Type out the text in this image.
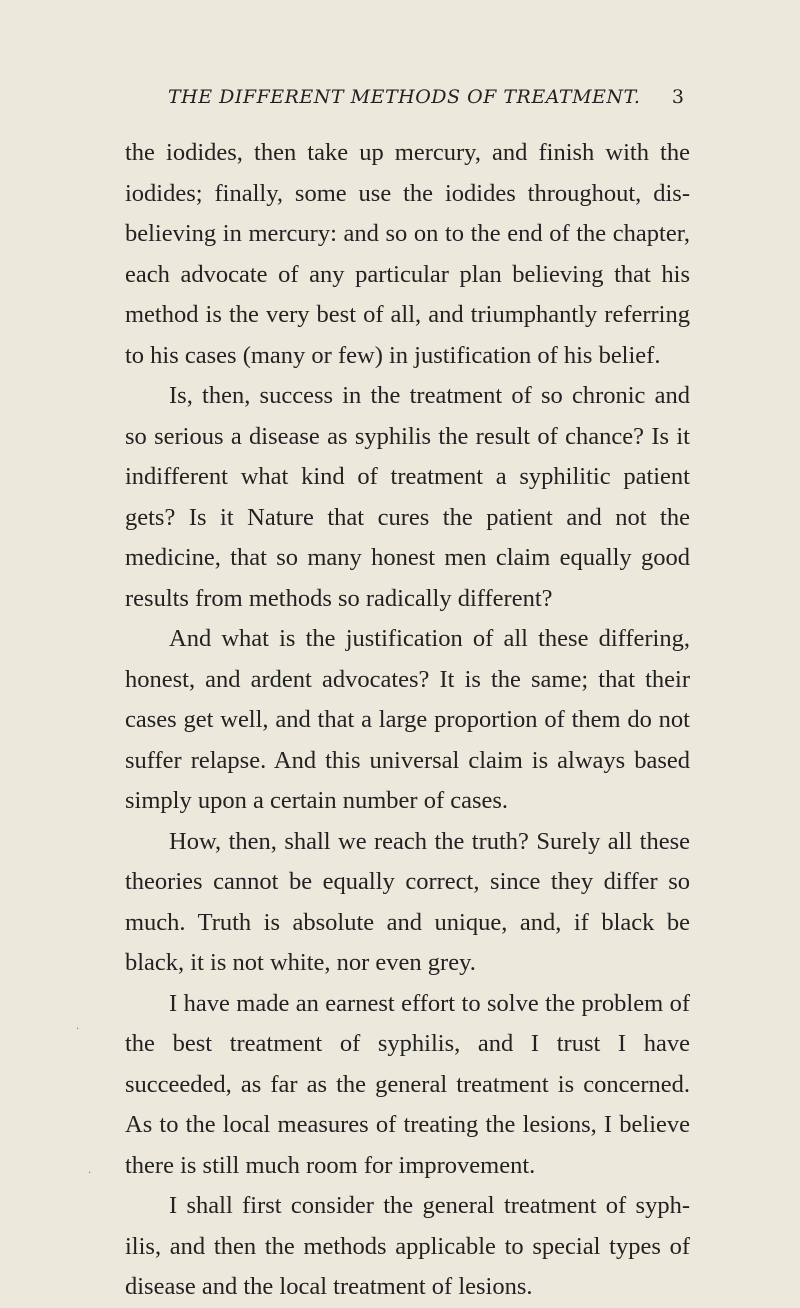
THE DIFFERENT METHODS OF TREATMENT. 3

the iodides, then take up mercury, and finish with the iodides; finally, some use the iodides throughout, disbelieving in mercury: and so on to the end of the chapter, each advocate of any particular plan believing that his method is the very best of all, and triumphantly referring to his cases (many or few) in justification of his belief.

Is, then, success in the treatment of so chronic and so serious a disease as syphilis the result of chance? Is it indifferent what kind of treatment a syphilitic patient gets? Is it Nature that cures the patient and not the medicine, that so many honest men claim equally good results from methods so radically different?

And what is the justification of all these differing, honest, and ardent advocates? It is the same; that their cases get well, and that a large proportion of them do not suffer relapse. And this universal claim is always based simply upon a certain number of cases.

How, then, shall we reach the truth? Surely all these theories cannot be equally correct, since they differ so much. Truth is absolute and unique, and, if black be black, it is not white, nor even grey.

I have made an earnest effort to solve the problem of the best treatment of syphilis, and I trust I have succeeded, as far as the general treatment is concerned. As to the local measures of treating the lesions, I believe there is still much room for improvement.

I shall first consider the general treatment of syphilis, and then the methods applicable to special types of disease and the local treatment of lesions.

·
·
